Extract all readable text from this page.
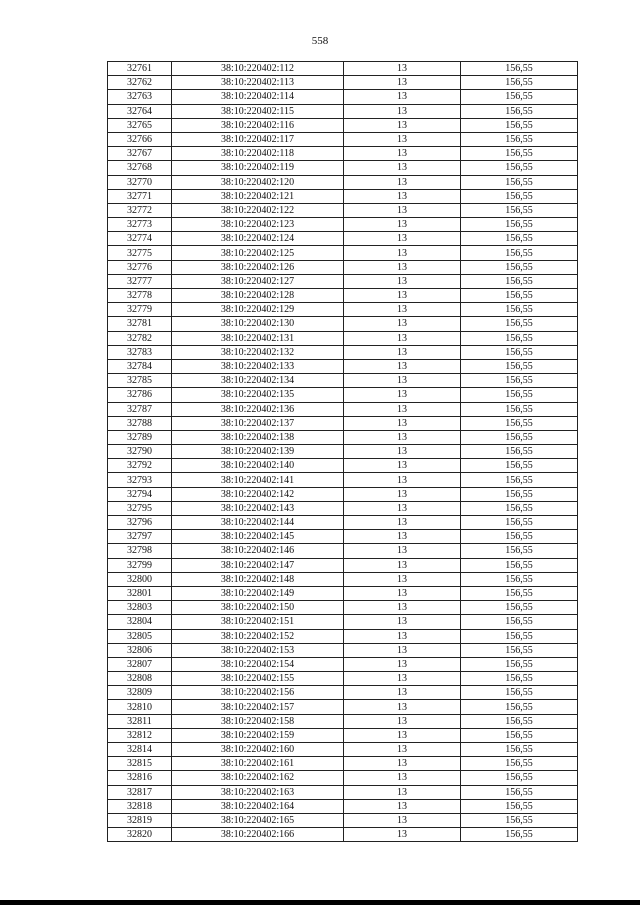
558
32761	38:10:220402:112	13	156,55
32762	38:10:220402:113	13	156,55
32763	38:10:220402:114	13	156,55
32764	38:10:220402:115	13	156,55
32765	38:10:220402:116	13	156,55
32766	38:10:220402:117	13	156,55
32767	38:10:220402:118	13	156,55
32768	38:10:220402:119	13	156,55
32770	38:10:220402:120	13	156,55
32771	38:10:220402:121	13	156,55
32772	38:10:220402:122	13	156,55
32773	38:10:220402:123	13	156,55
32774	38:10:220402:124	13	156,55
32775	38:10:220402:125	13	156,55
32776	38:10:220402:126	13	156,55
32777	38:10:220402:127	13	156,55
32778	38:10:220402:128	13	156,55
32779	38:10:220402:129	13	156,55
32781	38:10:220402:130	13	156,55
32782	38:10:220402:131	13	156,55
32783	38:10:220402:132	13	156,55
32784	38:10:220402:133	13	156,55
32785	38:10:220402:134	13	156,55
32786	38:10:220402:135	13	156,55
32787	38:10:220402:136	13	156,55
32788	38:10:220402:137	13	156,55
32789	38:10:220402:138	13	156,55
32790	38:10:220402:139	13	156,55
32792	38:10:220402:140	13	156,55
32793	38:10:220402:141	13	156,55
32794	38:10:220402:142	13	156,55
32795	38:10:220402:143	13	156,55
32796	38:10:220402:144	13	156,55
32797	38:10:220402:145	13	156,55
32798	38:10:220402:146	13	156,55
32799	38:10:220402:147	13	156,55
32800	38:10:220402:148	13	156,55
32801	38:10:220402:149	13	156,55
32803	38:10:220402:150	13	156,55
32804	38:10:220402:151	13	156,55
32805	38:10:220402:152	13	156,55
32806	38:10:220402:153	13	156,55
32807	38:10:220402:154	13	156,55
32808	38:10:220402:155	13	156,55
32809	38:10:220402:156	13	156,55
32810	38:10:220402:157	13	156,55
32811	38:10:220402:158	13	156,55
32812	38:10:220402:159	13	156,55
32814	38:10:220402:160	13	156,55
32815	38:10:220402:161	13	156,55
32816	38:10:220402:162	13	156,55
32817	38:10:220402:163	13	156,55
32818	38:10:220402:164	13	156,55
32819	38:10:220402:165	13	156,55
32820	38:10:220402:166	13	156,55
